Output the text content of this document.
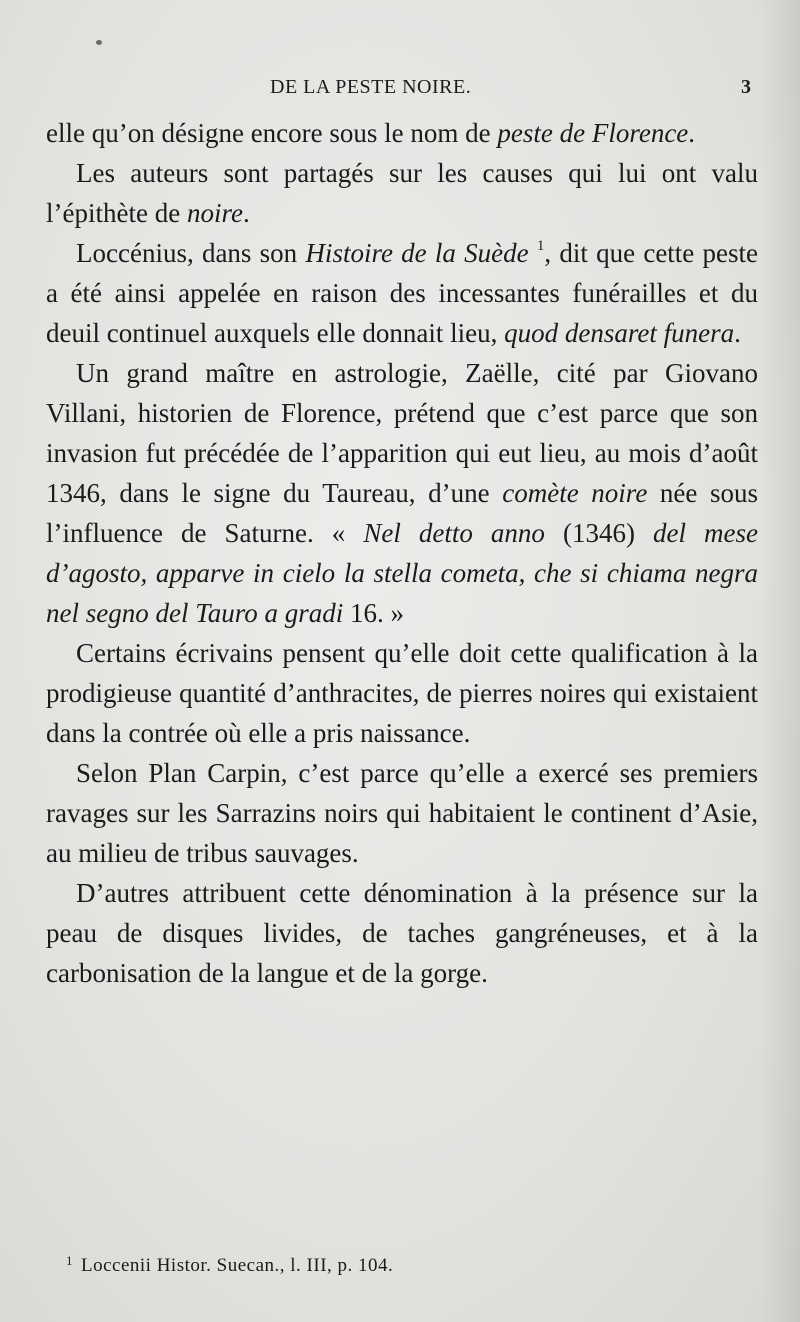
DE LA PESTE NOIRE.	3

elle qu’on désigne encore sous le nom de peste de Florence.

Les auteurs sont partagés sur les causes qui lui ont valu l’épithète de noire.

Loccénius, dans son Histoire de la Suède $^1$, dit que cette peste a été ainsi appelée en raison des incessantes funérailles et du deuil continuel auxquels elle donnait lieu, quod densaret funera.

Un grand maître en astrologie, Zaëlle, cité par Giovano Villani, historien de Florence, prétend que c’est parce que son invasion fut précédée de l’apparition qui eut lieu, au mois d’août 1346, dans le signe du Taureau, d’une comète noire née sous l’influence de Saturne. « Nel detto anno (1346) del mese d’agosto, apparve in cielo la stella cometa, che si chiama negra nel segno del Tauro a gradi 16. »

Certains écrivains pensent qu’elle doit cette qualification à la prodigieuse quantité d’anthracites, de pierres noires qui existaient dans la contrée où elle a pris naissance.

Selon Plan Carpin, c’est parce qu’elle a exercé ses premiers ravages sur les Sarrazins noirs qui habitaient le continent d’Asie, au milieu de tribus sauvages.

D’autres attribuent cette dénomination à la présence sur la peau de disques livides, de taches gangréneuses, et à la carbonisation de la langue et de la gorge.

$^1$ Loccenii Histor. Suecan., l. III, p. 104.
